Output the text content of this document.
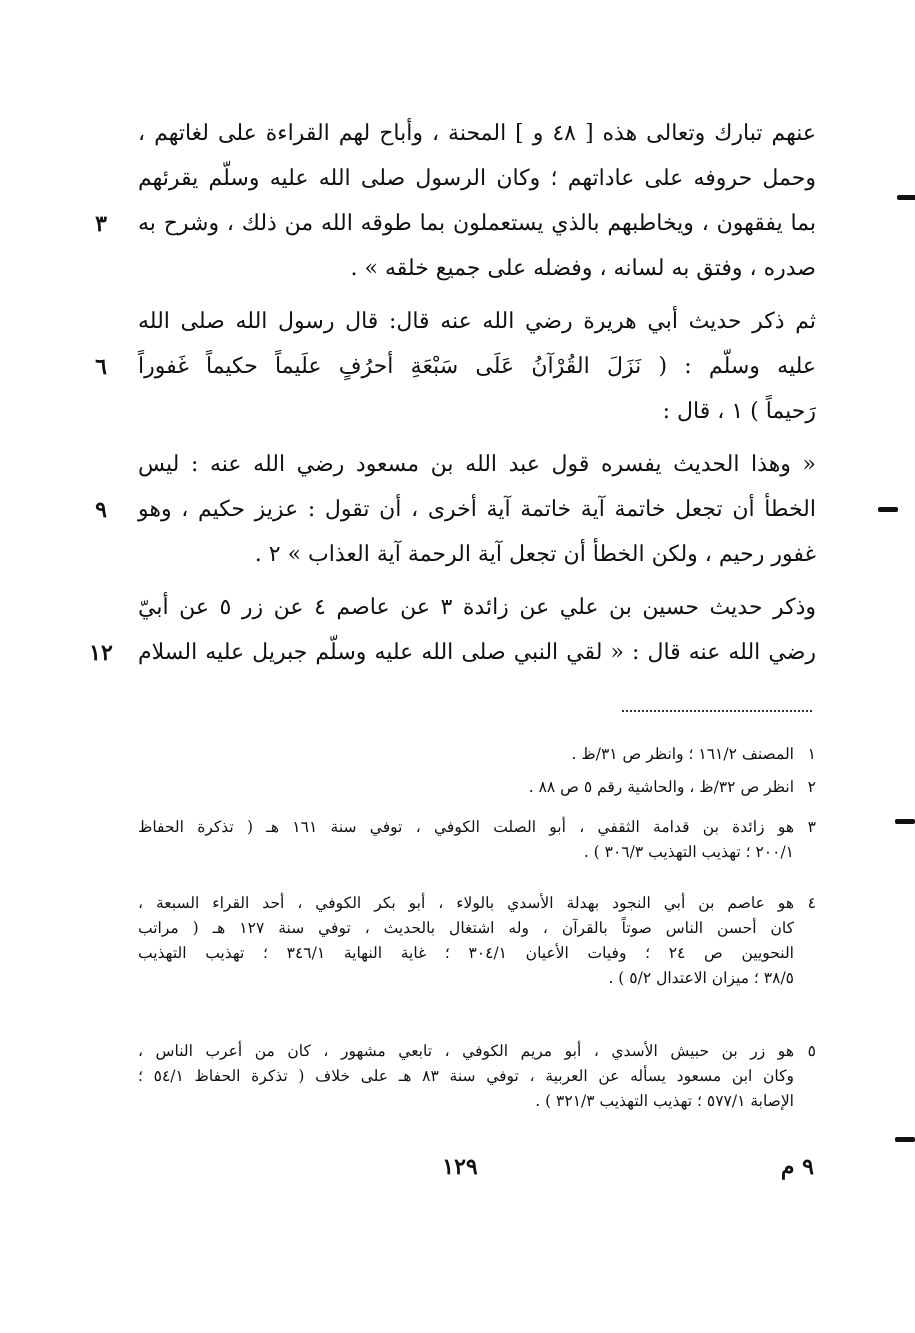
عنهم تبارك وتعالى هذه [ ٤٨ و ] المحنة ، وأباح لهم القراءة على لغاتهم ،
وحمل حروفه على عاداتهم ؛ وكان الرسول صلى الله عليه وسلّم يقرئهم
بما يفقهون ، ويخاطبهم بالذي يستعملون بما طوقه الله من ذلك ، وشرح به
صدره ، وفتق به لسانه ، وفضله على جميع خلقه » .
ثم ذكر حديث أبي هريرة رضي الله عنه قال: قال رسول الله صلى الله
عليه وسلّم : ( نَزَلَ القُرْآنُ عَلَى سَبْعَةِ أحرُفٍ علَيماً حكيماً غَفوراً
رَحيماً ) ١ ، قال :
« وهذا الحديث يفسره قول عبد الله بن مسعود رضي الله عنه : ليس
الخطأ أن تجعل خاتمة آية خاتمة آية أخرى ، أن تقول : عزيز حكيم ، وهو
غفور رحيم ، ولكن الخطأ أن تجعل آية الرحمة آية العذاب » ٢ .
وذكر حديث حسين بن علي عن زائدة ٣ عن عاصم ٤ عن زر ٥ عن أبيّ
رضي الله عنه قال : « لقي النبي صلى الله عليه وسلّم جبريل عليه السلام
٣
٦
٩
١٢
١المصنف ١٦١/٢ ؛ وانظر ص ٣١/ظ .
٢انظر ص ٣٢/ظ ، والحاشية رقم ٥ ص ٨٨ .
٣هو زائدة بن قدامة الثقفي ، أبو الصلت الكوفي ، توفي سنة ١٦١ هـ ( تذكرة الحفاظ
٢٠٠/١ ؛ تهذيب التهذيب ٣٠٦/٣ ) .
٤هو عاصم بن أبي النجود بهدلة الأسدي بالولاء ، أبو بكر الكوفي ، أحد القراء السبعة ،
كان أحسن الناس صوتاً بالقرآن ، وله اشتغال بالحديث ، توفي سنة ١٢٧ هـ ( مراتب
النحويين ص ٢٤ ؛ وفيات الأعيان ٣٠٤/١ ؛ غاية النهاية ٣٤٦/١ ؛ تهذيب التهذيب
٣٨/٥ ؛ ميزان الاعتدال ٥/٢ ) .
٥هو زر بن حبيش الأسدي ، أبو مريم الكوفي ، تابعي مشهور ، كان من أعرب الناس ،
وكان ابن مسعود يسأله عن العربية ، توفي سنة ٨٣ هـ على خلاف ( تذكرة الحفاظ ٥٤/١ ؛
الإصابة ٥٧٧/١ ؛ تهذيب التهذيب ٣٢١/٣ ) .
١٢٩	٩ م
